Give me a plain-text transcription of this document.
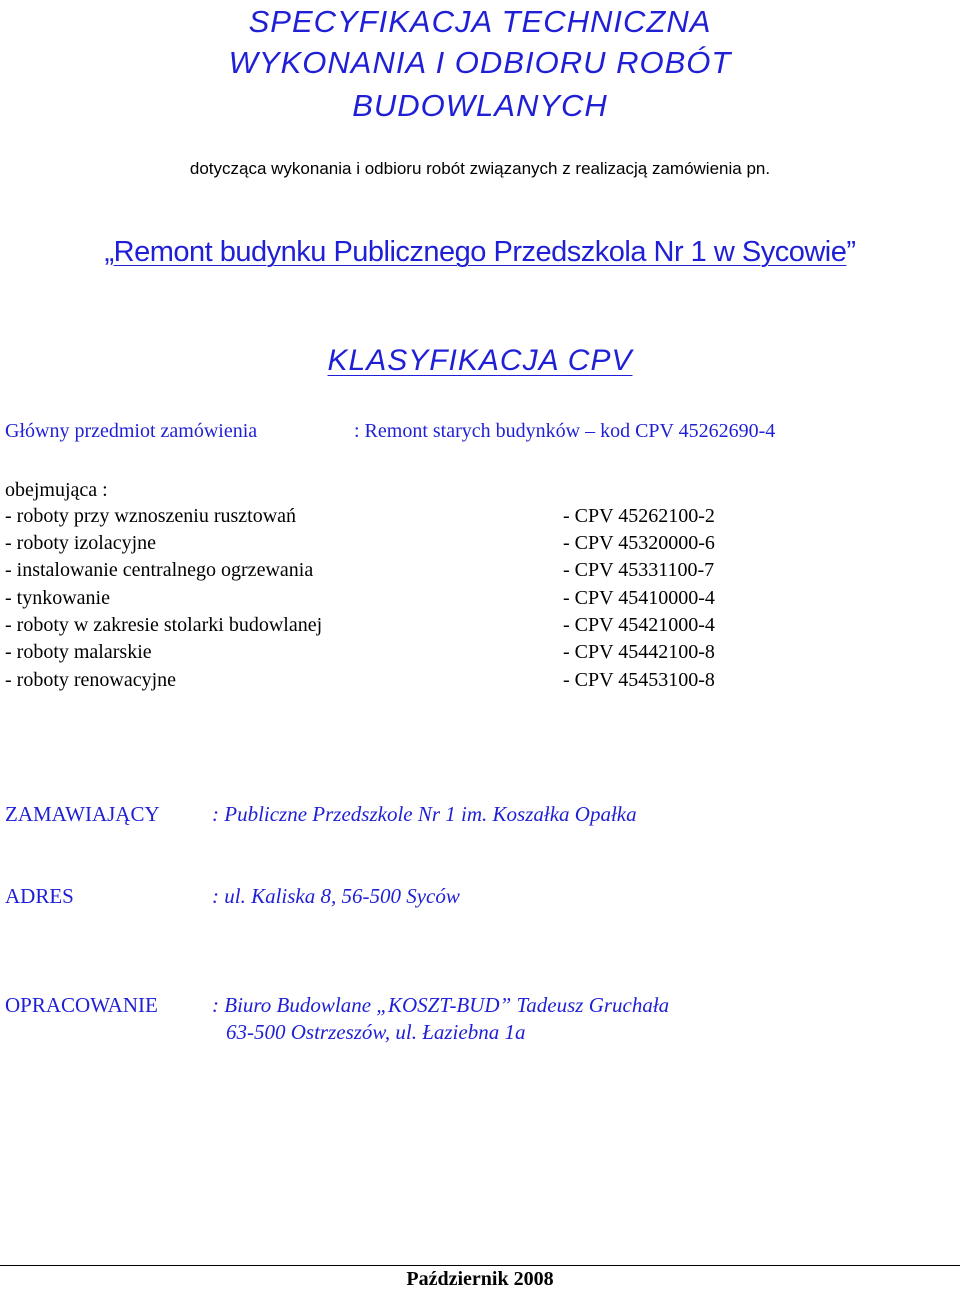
SPECYFIKACJA TECHNICZNA
WYKONANIA I ODBIORU ROBÓT
BUDOWLANYCH
dotycząca wykonania i odbioru robót związanych z realizacją zamówienia pn.
„Remont budynku Publicznego Przedszkola Nr 1 w Sycowie”
KLASYFIKACJA CPV
Główny przedmiot zamówienia	: Remont starych budynków – kod CPV 45262690-4
obejmująca :
- roboty przy wznoszeniu rusztowań	- CPV 45262100-2
- roboty izolacyjne	- CPV 45320000-6
- instalowanie centralnego ogrzewania	- CPV 45331100-7
- tynkowanie	- CPV 45410000-4
- roboty w zakresie stolarki budowlanej	- CPV 45421000-4
- roboty malarskie	- CPV 45442100-8
- roboty renowacyjne	- CPV 45453100-8
ZAMAWIAJĄCY : Publiczne Przedszkole Nr 1 im. Koszałka Opałka
ADRES	: ul. Kaliska 8, 56-500 Syców
OPRACOWANIE	: Biuro Budowlane „KOSZT-BUD” Tadeusz Gruchała
63-500 Ostrzeszów, ul. Łaziebna 1a
Październik 2008
